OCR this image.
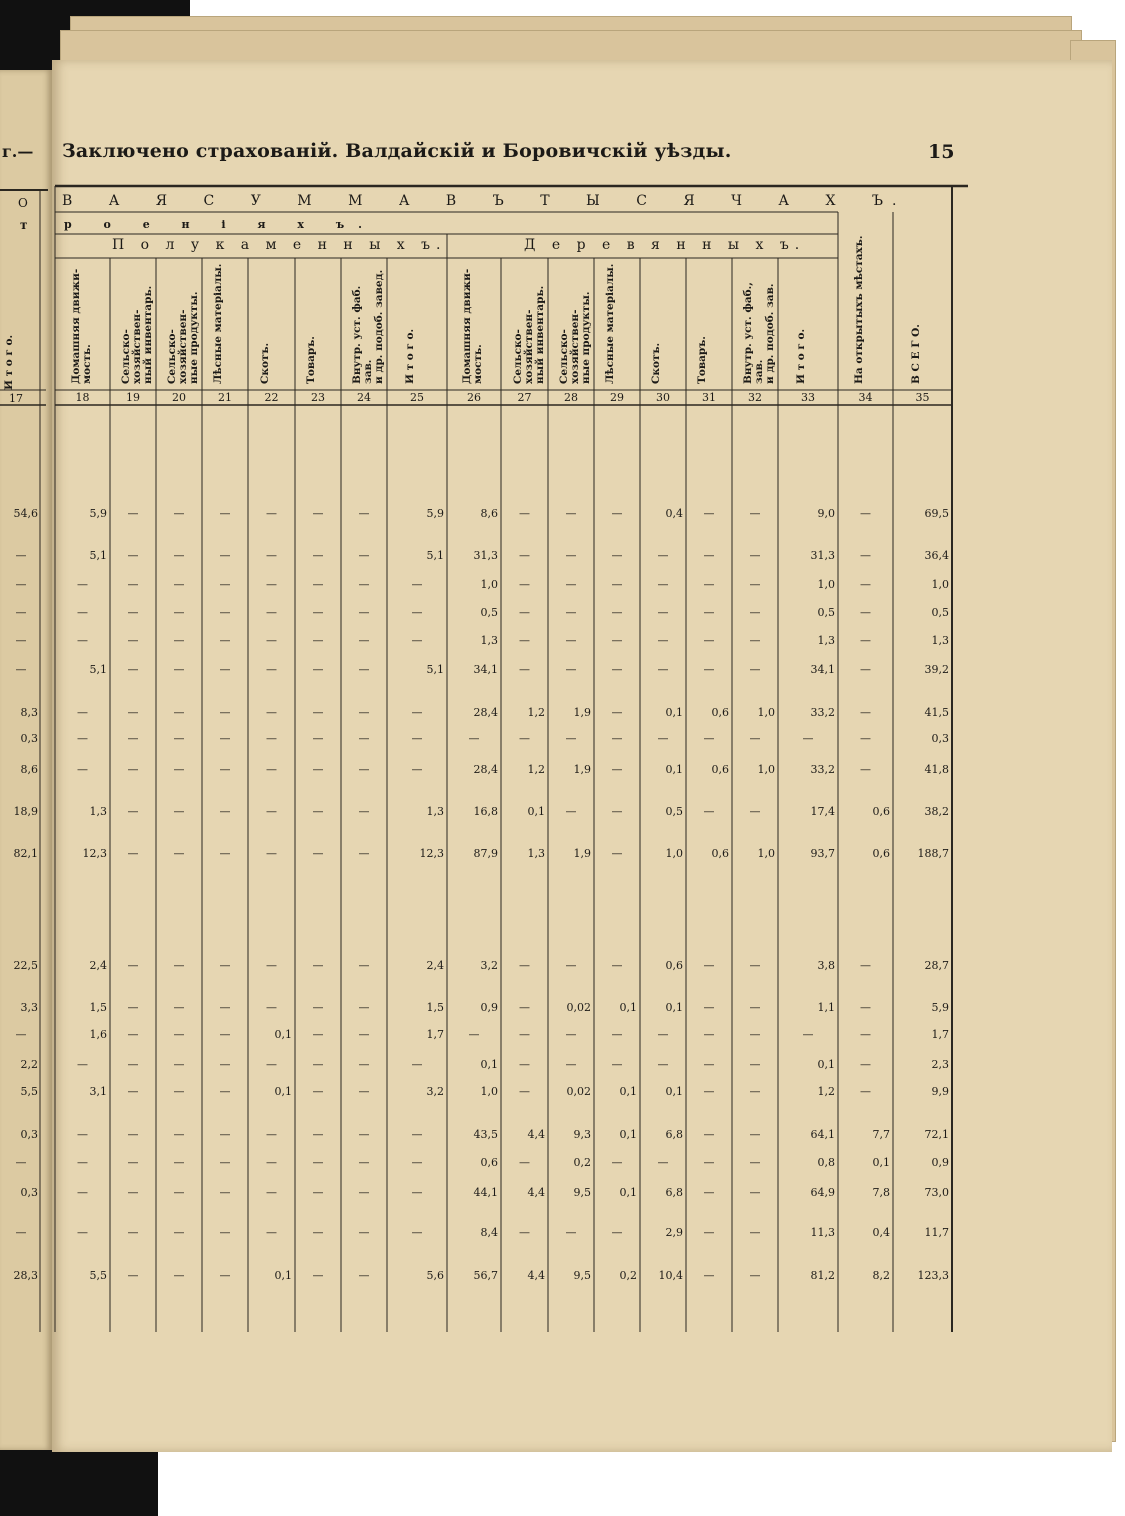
г.— Заключено страхованій. Валдайскій и Боровичскій уѣзды.	15
В А Я С У М М А В Ъ Т Ы С Я Ч А Х Ъ.
р о е н і я х ъ.
П о л у к а м е н н ы х ъ.	Д е р е в я н н ы х ъ.
О
т
И т о г о.
17
Домашняя движи-
мость.
18
Сельско-хозяйствен-
ный инвентарь.
19
Сельско-хозяйствен-
ные продукты.
20
Лѣсные матеріалы.
21
Скотъ.
22
Товаръ.
23
Внутр. уст. фаб. зав.
и др. подоб. завед.
24
И т о г о.
25
Домашняя движи-
мость.
26
Сельско-хозяйствен-
ный инвентарь.
27
Сельско-хозяйствен-
ные продукты.
28
Лѣсные матеріалы.
29
Скотъ.
30
Товаръ.
31
Внутр. уст. фаб., зав.
и др. подоб. зав.
32
И т о г о.
33
На открытыхъ мѣстахъ.
34
В С Е Г О.
35
54,6	5,9	—	—	—	—	—	—	5,9	8,6	—	—	—	0,4	—	—	9,0	—	69,5
—	5,1	—	—	—	—	—	—	5,1	31,3	—	—	—	—	—	—	31,3	—	36,4
—	—	—	—	—	—	—	—	—	1,0	—	—	—	—	—	—	1,0	—	1,0
—	—	—	—	—	—	—	—	—	0,5	—	—	—	—	—	—	0,5	—	0,5
—	—	—	—	—	—	—	—	—	1,3	—	—	—	—	—	—	1,3	—	1,3
—	5,1	—	—	—	—	—	—	5,1	34,1	—	—	—	—	—	—	34,1	—	39,2
8,3	—	—	—	—	—	—	—	—	28,4	1,2	1,9	—	0,1	0,6	1,0	33,2	—	41,5
0,3	—	—	—	—	—	—	—	—	—	—	—	—	—	—	—	—	—	0,3
8,6	—	—	—	—	—	—	—	—	28,4	1,2	1,9	—	0,1	0,6	1,0	33,2	—	41,8
18,9	1,3	—	—	—	—	—	—	1,3	16,8	0,1	—	—	0,5	—	—	17,4	0,6	38,2
82,1	12,3	—	—	—	—	—	—	12,3	87,9	1,3	1,9	—	1,0	0,6	1,0	93,7	0,6	188,7
22,5	2,4	—	—	—	—	—	—	2,4	3,2	—	—	—	0,6	—	—	3,8	—	28,7
3,3	1,5	—	—	—	—	—	—	1,5	0,9	—	0,02	0,1	0,1	—	—	1,1	—	5,9
—	1,6	—	—	—	0,1	—	—	1,7	—	—	—	—	—	—	—	—	—	1,7
2,2	—	—	—	—	—	—	—	—	0,1	—	—	—	—	—	—	0,1	—	2,3
5,5	3,1	—	—	—	0,1	—	—	3,2	1,0	—	0,02	0,1	0,1	—	—	1,2	—	9,9
0,3	—	—	—	—	—	—	—	—	43,5	4,4	9,3	0,1	6,8	—	—	64,1	7,7	72,1
—	—	—	—	—	—	—	—	—	0,6	—	0,2	—	—	—	—	0,8	0,1	0,9
0,3	—	—	—	—	—	—	—	—	44,1	4,4	9,5	0,1	6,8	—	—	64,9	7,8	73,0
—	—	—	—	—	—	—	—	—	8,4	—	—	—	2,9	—	—	11,3	0,4	11,7
28,3	5,5	—	—	—	0,1	—	—	5,6	56,7	4,4	9,5	0,2	10,4	—	—	81,2	8,2	123,3
